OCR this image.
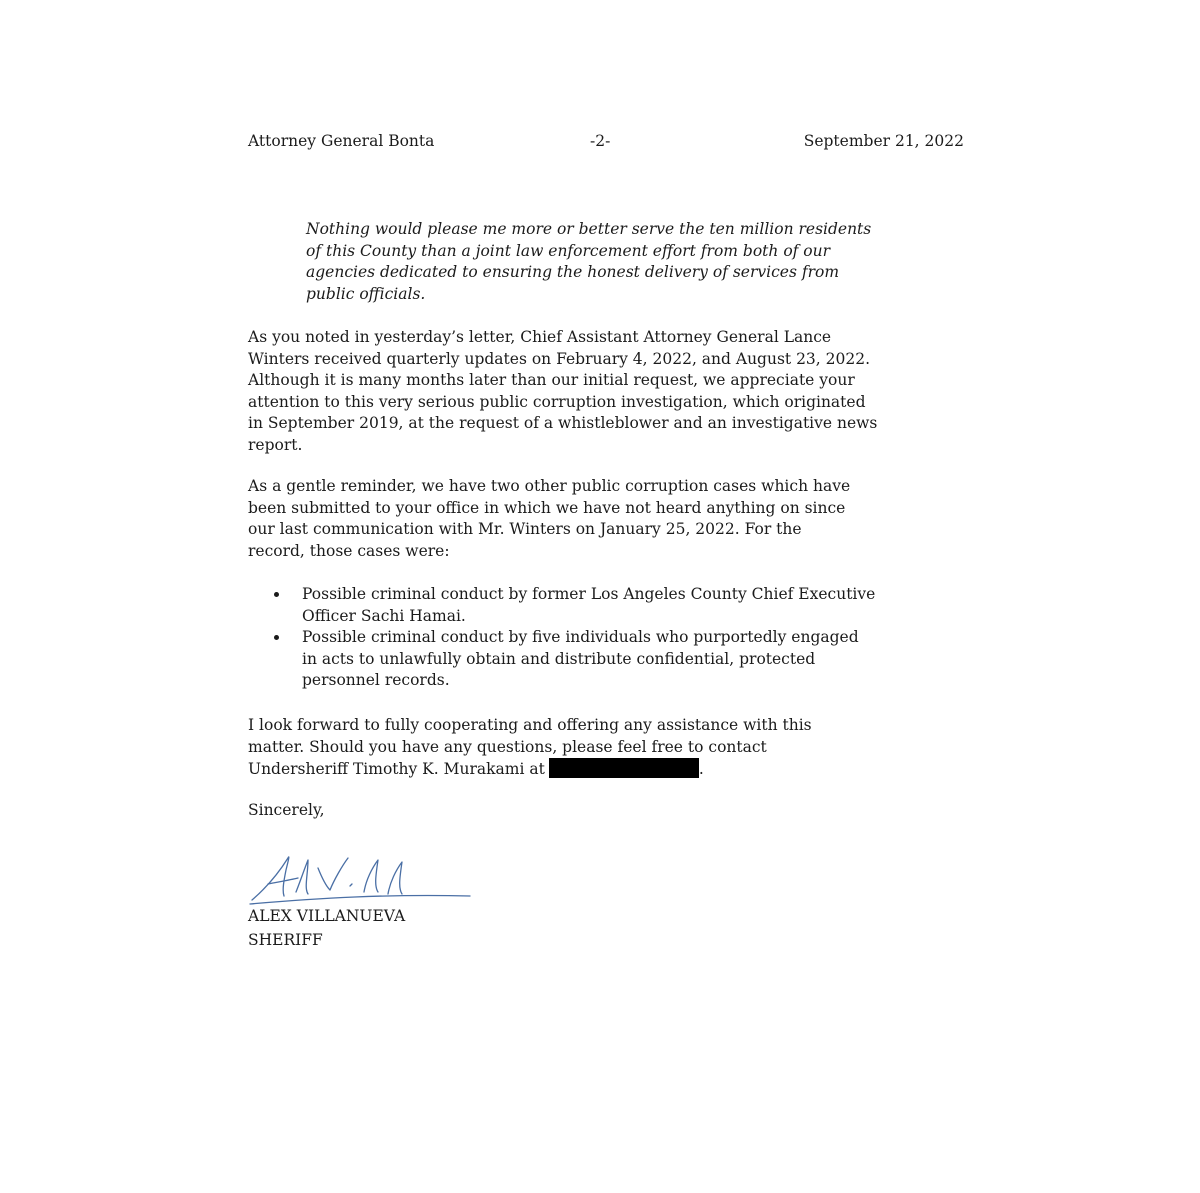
Attorney General Bonta	-2-	September 21, 2022

Nothing would please me more or better serve the ten million residents
of this County than a joint law enforcement effort from both of our
agencies dedicated to ensuring the honest delivery of services from
public officials.
As you noted in yesterday’s letter, Chief Assistant Attorney General Lance
Winters received quarterly updates on February 4, 2022, and August 23, 2022.
Although it is many months later than our initial request, we appreciate your
attention to this very serious public corruption investigation, which originated
in September 2019, at the request of a whistleblower and an investigative news
report.
As a gentle reminder, we have two other public corruption cases which have
been submitted to your office in which we have not heard anything on since
our last communication with Mr. Winters on January 25, 2022. For the
record, those cases were:
Possible criminal conduct by former Los Angeles County Chief Executive
Officer Sachi Hamai.
Possible criminal conduct by five individuals who purportedly engaged
in acts to unlawfully obtain and distribute confidential, protected
personnel records.
I look forward to fully cooperating and offering any assistance with this
matter. Should you have any questions, please feel free to contact
Undersheriff Timothy K. Murakami at	.

Sincerely,

ALEX VILLANUEVA

SHERIFF
